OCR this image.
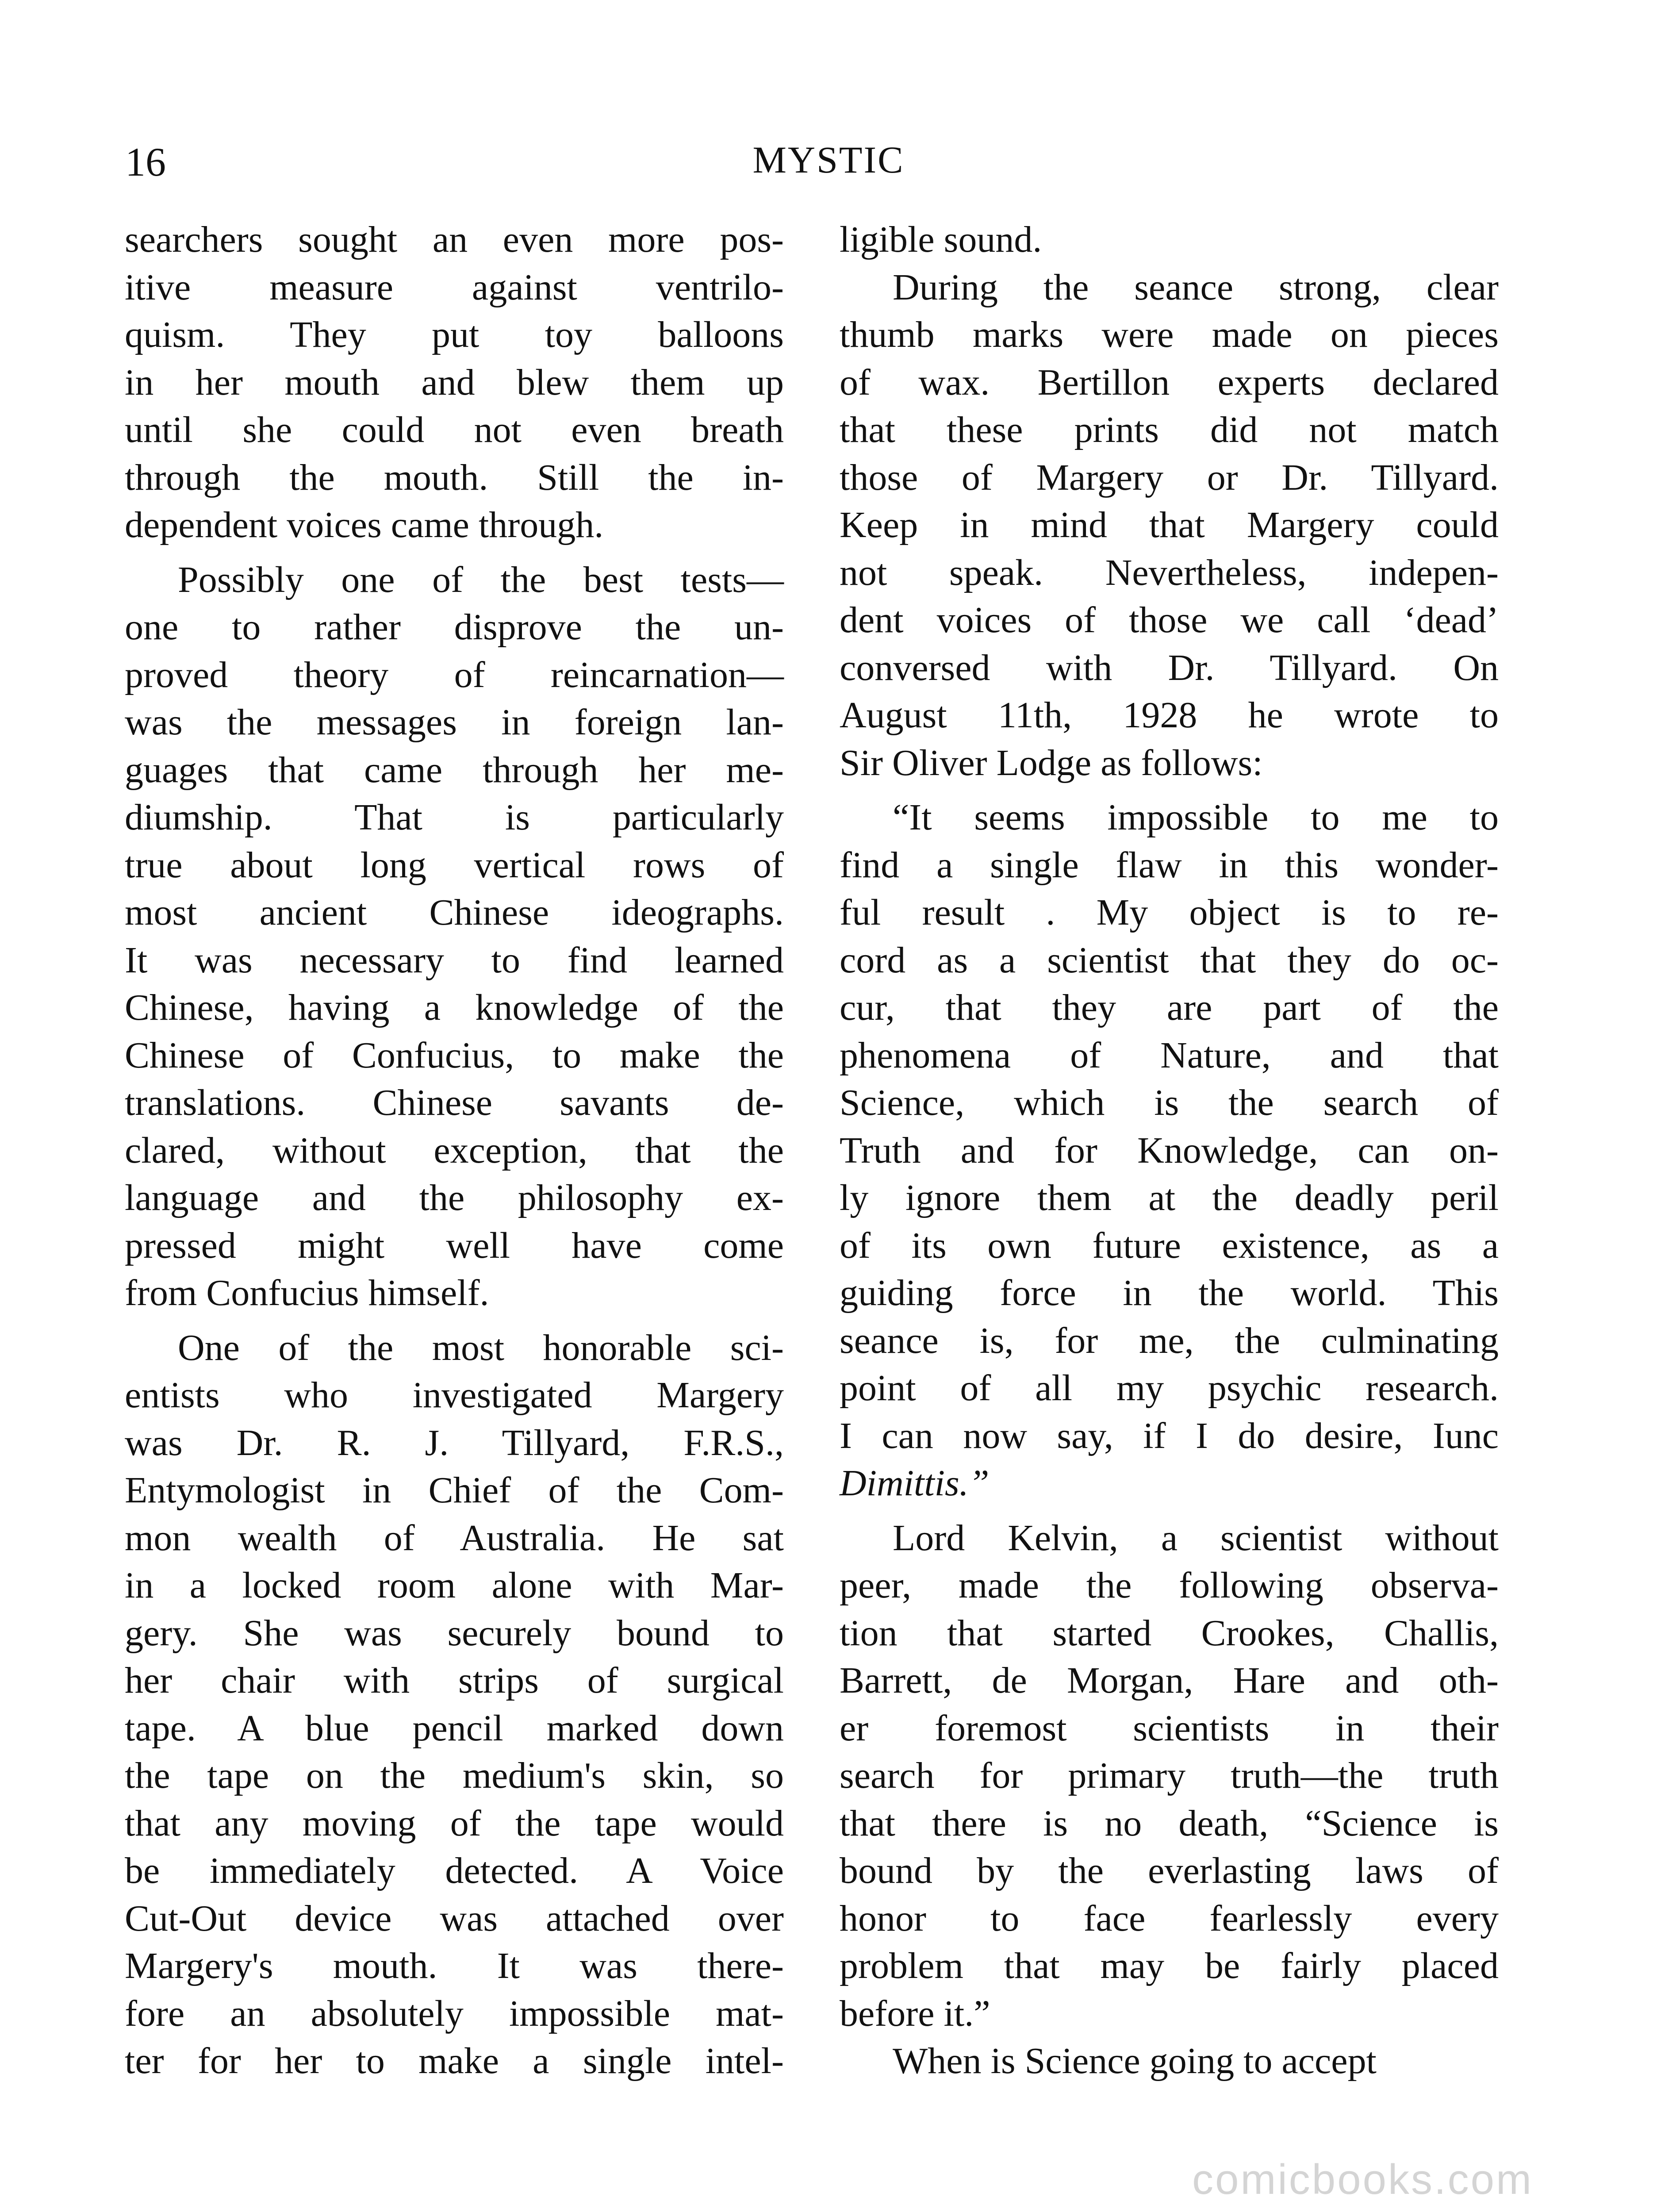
16	MYSTIC

searchers sought an even more pos-
itive measure against ventrilo-
quism. They put toy balloons
in her mouth and blew them up
until she could not even breath
through the mouth. Still the in-
dependent voices came through.

Possibly one of the best tests—
one to rather disprove the un-
proved theory of reincarnation—
was the messages in foreign lan-
guages that came through her me-
diumship. That is particularly
true about long vertical rows of
most ancient Chinese ideographs.
It was necessary to find learned
Chinese, having a knowledge of the
Chinese of Confucius, to make the
translations. Chinese savants de-
clared, without exception, that the
language and the philosophy ex-
pressed might well have come
from Confucius himself.

One of the most honorable sci-
entists who investigated Margery
was Dr. R. J. Tillyard, F.R.S.,
Entymologist in Chief of the Com-
mon wealth of Australia. He sat
in a locked room alone with Mar-
gery. She was securely bound to
her chair with strips of surgical
tape. A blue pencil marked down
the tape on the medium's skin, so
that any moving of the tape would
be immediately detected. A Voice
Cut-Out device was attached over
Margery's mouth. It was there-
fore an absolutely impossible mat-
ter for her to make a single intel-

ligible sound.

During the seance strong, clear
thumb marks were made on pieces
of wax. Bertillon experts declared
that these prints did not match
those of Margery or Dr. Tillyard.
Keep in mind that Margery could
not speak. Nevertheless, indepen-
dent voices of those we call ‘dead’
conversed with Dr. Tillyard. On
August 11th, 1928 he wrote to
Sir Oliver Lodge as follows:

“It seems impossible to me to
find a single flaw in this wonder-
ful result . My object is to re-
cord as a scientist that they do oc-
cur, that they are part of the
phenomena of Nature, and that
Science, which is the search of
Truth and for Knowledge, can on-
ly ignore them at the deadly peril
of its own future existence, as a
guiding force in the world. This
seance is, for me, the culminating
point of all my psychic research.
I can now say, if I do desire, Iunc
Dimittis.”

Lord Kelvin, a scientist without
peer, made the following observa-
tion that started Crookes, Challis,
Barrett, de Morgan, Hare and oth-
er foremost scientists in their
search for primary truth—the truth
that there is no death, “Science is
bound by the everlasting laws of
honor to face fearlessly every
problem that may be fairly placed
before it.”

When is Science going to accept

comicbooks.com
